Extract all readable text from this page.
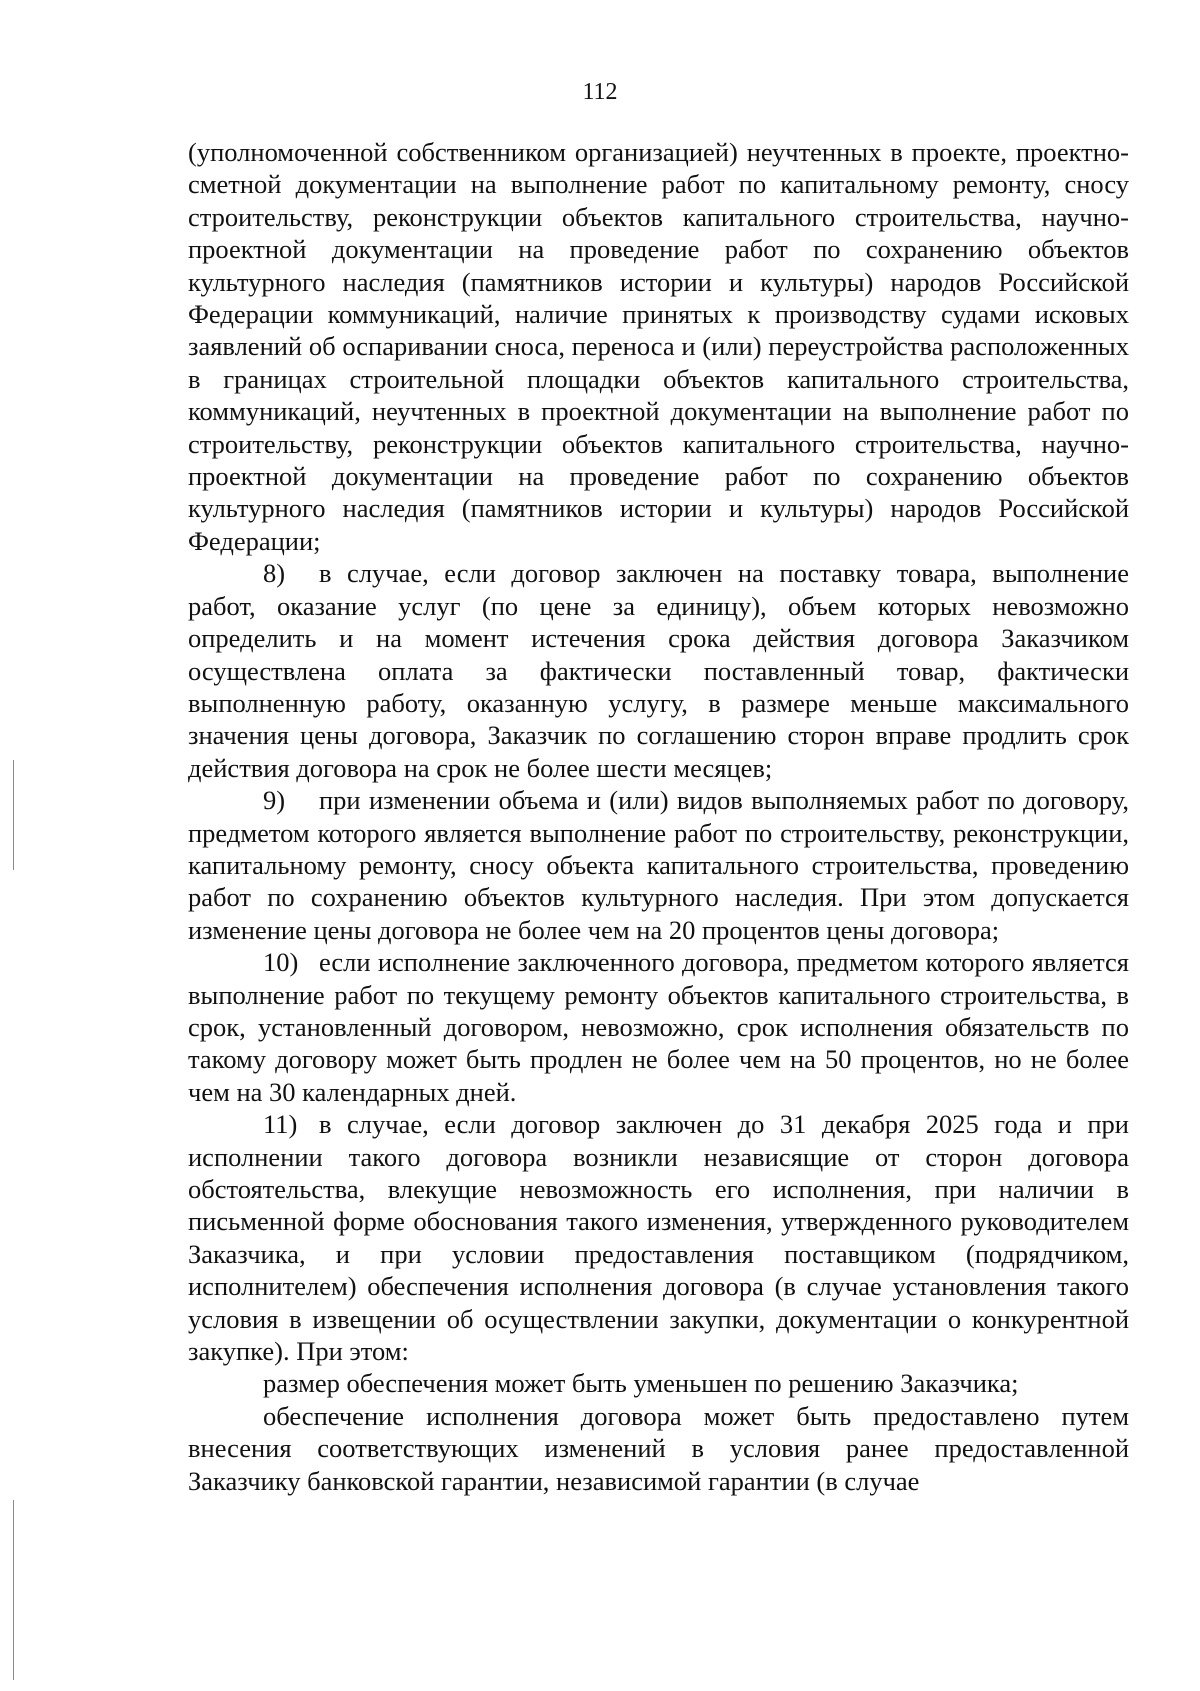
112

(уполномоченной собственником организацией) неучтенных в проекте, проектно-сметной документации на выполнение работ по капитальному ремонту, сносу строительству, реконструкции объектов капитального строительства, научно-проектной документации на проведение работ по сохранению объектов культурного наследия (памятников истории и культуры) народов Российской Федерации коммуникаций, наличие принятых к производству судами исковых заявлений об оспаривании сноса, переноса и (или) переустройства расположенных в границах строительной площадки объектов капитального строительства, коммуникаций, неучтенных в проектной документации на выполнение работ по строительству, реконструкции объектов капитального строительства, научно-проектной документации на проведение работ по сохранению объектов культурного наследия (памятников истории и культуры) народов Российской Федерации;

8) в случае, если договор заключен на поставку товара, выполнение работ, оказание услуг (по цене за единицу), объем которых невозможно определить и на момент истечения срока действия договора Заказчиком осуществлена оплата за фактически поставленный товар, фактически выполненную работу, оказанную услугу, в размере меньше максимального значения цены договора, Заказчик по соглашению сторон вправе продлить срок действия договора на срок не более шести месяцев;

9) при изменении объема и (или) видов выполняемых работ по договору, предметом которого является выполнение работ по строительству, реконструкции, капитальному ремонту, сносу объекта капитального строительства, проведению работ по сохранению объектов культурного наследия. При этом допускается изменение цены договора не более чем на 20 процентов цены договора;

10) если исполнение заключенного договора, предметом которого является выполнение работ по текущему ремонту объектов капитального строительства, в срок, установленный договором, невозможно, срок исполнения обязательств по такому договору может быть продлен не более чем на 50 процентов, но не более чем на 30 календарных дней.

11) в случае, если договор заключен до 31 декабря 2025 года и при исполнении такого договора возникли независящие от сторон договора обстоятельства, влекущие невозможность его исполнения, при наличии в письменной форме обоснования такого изменения, утвержденного руководителем Заказчика, и при условии предоставления поставщиком (подрядчиком, исполнителем) обеспечения исполнения договора (в случае установления такого условия в извещении об осуществлении закупки, документации о конкурентной закупке). При этом:

размер обеспечения может быть уменьшен по решению Заказчика;

обеспечение исполнения договора может быть предоставлено путем внесения соответствующих изменений в условия ранее предоставленной Заказчику банковской гарантии, независимой гарантии (в случае
